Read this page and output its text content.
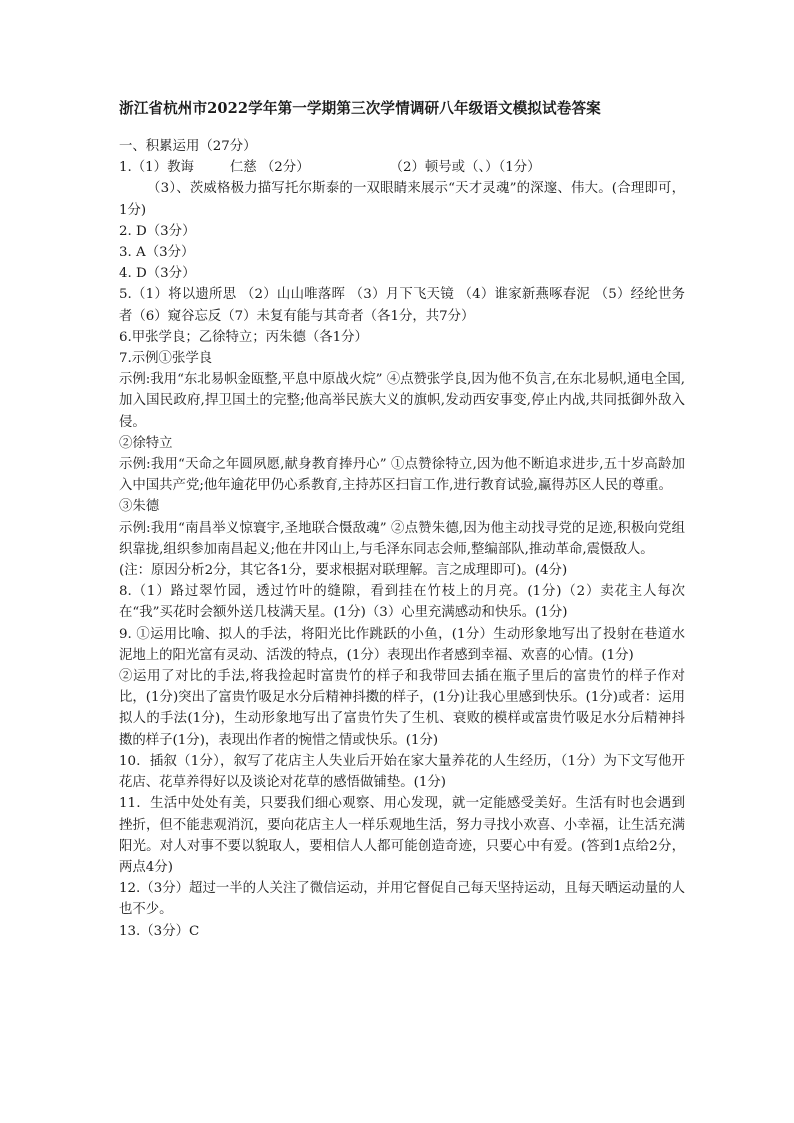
浙江省杭州市2022学年第一学期第三次学情调研八年级语文模拟试卷答案

一、积累运用（27分）

1.（1）教诲	仁慈 （2分）	（2）顿号或（、）（1分）

（3）、茨威格极力描写托尔斯泰的一双眼睛来展示“天才灵魂”的深邃、伟大。(合理即可，1分)

2. D（3分）

3. A（3分）

4. D（3分）

5.（1）将以遗所思 （2）山山唯落晖 （3）月下飞天镜 （4）谁家新燕啄春泥 （5）经纶世务者（6）窥谷忘反（7）未复有能与其奇者（各1分，共7分）

6.甲张学良；乙徐特立；丙朱德（各1分）

7.示例①张学良

示例:我用“东北易帜金瓯整,平息中原战火烷” ④点赞张学良,因为他不负言,在东北易帜,通电全国,加入国民政府,捍卫国土的完整;他高举民族大义的旗帜,发动西安事变,停止内战,共同抵御外敌入侵。

②徐特立

示例:我用“天命之年圆夙愿,献身教育捧丹心” ①点赞徐特立,因为他不断追求进步,五十岁高龄加入中国共产党;他年逾花甲仍心系教育,主持苏区扫盲工作,进行教育试验,赢得苏区人民的尊重。

③朱德

示例:我用“南昌举义惊寰宇,圣地联合慑敌魂” ②点赞朱德,因为他主动找寻党的足迹,积极向党组织靠拢,组织参加南昌起义;他在井冈山上,与毛泽东同志会师,整编部队,推动革命,震慑敌人。

(注：原因分析2分，其它各1分，要求根据对联理解。言之成理即可)。(4分)

8.（1）路过翠竹园，透过竹叶的缝隙，看到挂在竹枝上的月亮。(1分)（2）卖花主人每次在“我”买花时会额外送几枝满天星。(1分)（3）心里充满感动和快乐。(1分)

9. ①运用比喻、拟人的手法，将阳光比作跳跃的小鱼，(1分）生动形象地写出了投射在巷道水泥地上的阳光富有灵动、活泼的特点，(1分）表现出作者感到幸福、欢喜的心情。(1分)

②运用了对比的手法,将我捡起时富贵竹的样子和我带回去插在瓶子里后的富贵竹的样子作对比，(1分)突出了富贵竹吸足水分后精神抖擞的样子，(1分)让我心里感到快乐。(1分)或者：运用拟人的手法(1分)，生动形象地写出了富贵竹失了生机、衰败的模样或富贵竹吸足水分后精神抖擞的样子(1分)，表现出作者的惋惜之情或快乐。(1分)

10．插叙（1分），叙写了花店主人失业后开始在家大量养花的人生经历，（1分）为下文写他开花店、花草养得好以及谈论对花草的感悟做铺垫。(1分)

11．生活中处处有美，只要我们细心观察、用心发现，就一定能感受美好。生活有时也会遇到挫折，但不能悲观消沉，要向花店主人一样乐观地生活，努力寻找小欢喜、小幸福，让生活充满阳光。对人对事不要以貌取人，要相信人人都可能创造奇迹，只要心中有爱。(答到1点给2分，两点4分)

12.（3分）超过一半的人关注了微信运动，并用它督促自己每天坚持运动，且每天晒运动量的人也不少。

13.（3分）C
